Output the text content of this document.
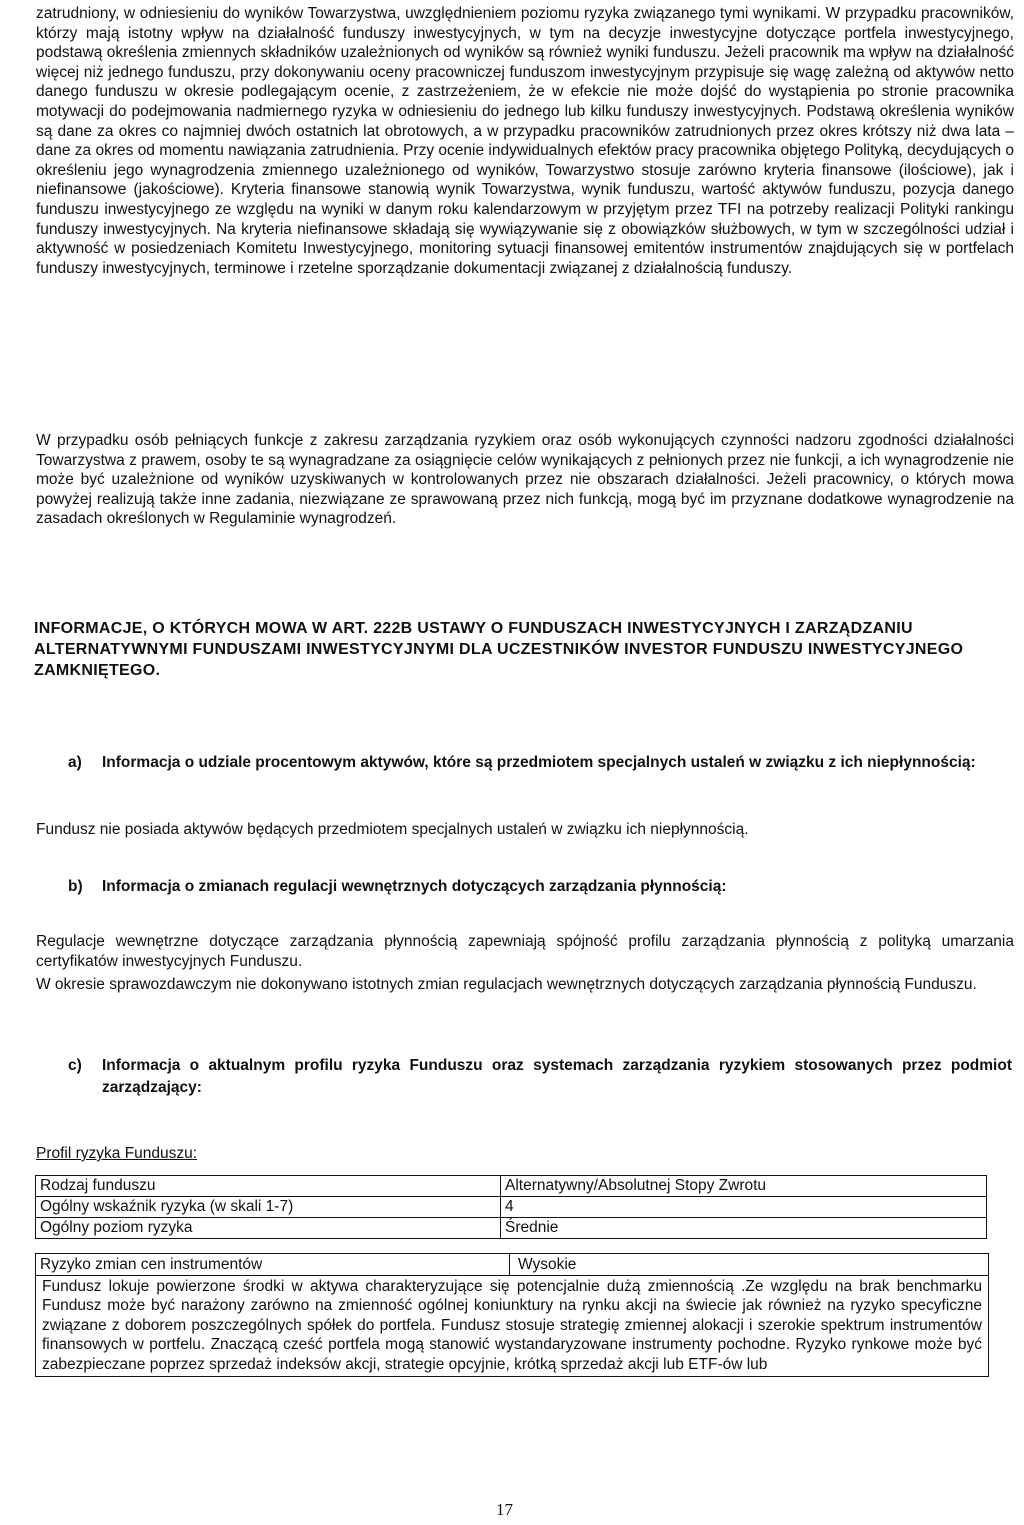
zatrudniony, w odniesieniu do wyników Towarzystwa, uwzględnieniem poziomu ryzyka związanego tymi wynikami. W przypadku pracowników, którzy mają istotny wpływ na działalność funduszy inwestycyjnych, w tym na decyzje inwestycyjne dotyczące portfela inwestycyjnego, podstawą określenia zmiennych składników uzależnionych od wyników są również wyniki funduszu. Jeżeli pracownik ma wpływ na działalność więcej niż jednego funduszu, przy dokonywaniu oceny pracowniczej funduszom inwestycyjnym przypisuje się wagę zależną od aktywów netto danego funduszu w okresie podlegającym ocenie, z zastrzeżeniem, że w efekcie nie może dojść do wystąpienia po stronie pracownika motywacji do podejmowania nadmiernego ryzyka w odniesieniu do jednego lub kilku funduszy inwestycyjnych. Podstawą określenia wyników są dane za okres co najmniej dwóch ostatnich lat obrotowych, a w przypadku pracowników zatrudnionych przez okres krótszy niż dwa lata – dane za okres od momentu nawiązania zatrudnienia. Przy ocenie indywidualnych efektów pracy pracownika objętego Polityką, decydujących o określeniu jego wynagrodzenia zmiennego uzależnionego od wyników, Towarzystwo stosuje zarówno kryteria finansowe (ilościowe), jak i niefinansowe (jakościowe). Kryteria finansowe stanowią wynik Towarzystwa, wynik funduszu, wartość aktywów funduszu, pozycja danego funduszu inwestycyjnego ze względu na wyniki w danym roku kalendarzowym w przyjętym przez TFI na potrzeby realizacji Polityki rankingu funduszy inwestycyjnych. Na kryteria niefinansowe składają się wywiązywanie się z obowiązków służbowych, w tym w szczególności udział i aktywność w posiedzeniach Komitetu Inwestycyjnego, monitoring sytuacji finansowej emitentów instrumentów znajdujących się w portfelach funduszy inwestycyjnych, terminowe i rzetelne sporządzanie dokumentacji związanej z działalnością funduszy.

W przypadku osób pełniących funkcje z zakresu zarządzania ryzykiem oraz osób wykonujących czynności nadzoru zgodności działalności Towarzystwa z prawem, osoby te są wynagradzane za osiągnięcie celów wynikających z pełnionych przez nie funkcji, a ich wynagrodzenie nie może być uzależnione od wyników uzyskiwanych w kontrolowanych przez nie obszarach działalności. Jeżeli pracownicy, o których mowa powyżej realizują także inne zadania, niezwiązane ze sprawowaną przez nich funkcją, mogą być im przyznane dodatkowe wynagrodzenie na zasadach określonych w Regulaminie wynagrodzeń.

INFORMACJE, O KTÓRYCH MOWA W ART. 222B USTAWY O FUNDUSZACH INWESTYCYJNYCH I ZARZĄDZANIU ALTERNATYWNYMI FUNDUSZAMI INWESTYCYJNYMI DLA UCZESTNIKÓW INVESTOR FUNDUSZU INWESTYCYJNEGO ZAMKNIĘTEGO.

a) Informacja o udziale procentowym aktywów, które są przedmiotem specjalnych ustaleń w związku z ich niepłynnością:

Fundusz nie posiada aktywów będących przedmiotem specjalnych ustaleń w związku ich niepłynnością.

b) Informacja o zmianach regulacji wewnętrznych dotyczących zarządzania płynnością:

Regulacje wewnętrzne dotyczące zarządzania płynnością zapewniają spójność profilu zarządzania płynnością z polityką umarzania certyfikatów inwestycyjnych Funduszu.

W okresie sprawozdawczym nie dokonywano istotnych zmian regulacjach wewnętrznych dotyczących zarządzania płynnością Funduszu.

c) Informacja o aktualnym profilu ryzyka Funduszu oraz systemach zarządzania ryzykiem stosowanych przez podmiot zarządzający:

Profil ryzyka Funduszu:
Rodzaj funduszu	Alternatywny/Absolutnej Stopy Zwrotu
Ogólny wskaźnik ryzyka (w skali 1-7)	4
Ogólny poziom ryzyka	Średnie
Ryzyko zmian cen instrumentów	Wysokie
Fundusz lokuje powierzone środki w aktywa charakteryzujące się potencjalnie dużą zmiennością .Ze względu na brak benchmarku Fundusz może być narażony zarówno na zmienność ogólnej koniunktury na rynku akcji na świecie jak również na ryzyko specyficzne związane z doborem poszczególnych spółek do portfela. Fundusz stosuje strategię zmiennej alokacji i szerokie spektrum instrumentów finansowych w portfelu. Znaczącą cześć portfela mogą stanowić wystandaryzowane instrumenty pochodne. Ryzyko rynkowe może być zabezpieczane poprzez sprzedaż indeksów akcji, strategie opcyjnie, krótką sprzedaż akcji lub ETF-ów lub
17
